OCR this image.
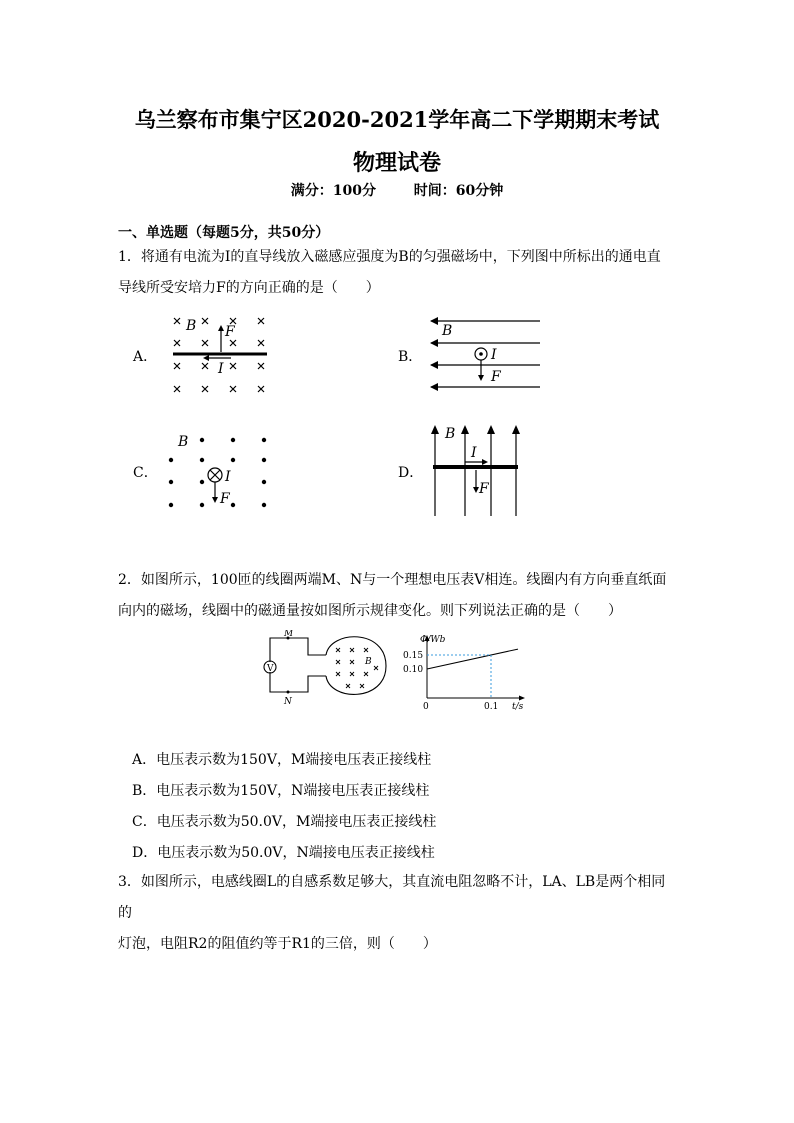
乌兰察布市集宁区2020-2021学年高二下学期期末考试
物理试卷
满分：100分	时间：60分钟
一、单选题（每题5分，共50分）
1．将通有电流为I的直导线放入磁感应强度为B的匀强磁场中，下列图中所标出的通电直
导线所受安培力F的方向正确的是（　　）
A．	B．
C．	D．
B F
I
B
I
F
B
I
F
B
I
F
2．如图所示，100匝的线圈两端M、N与一个理想电压表V相连。线圈内有方向垂直纸面
向内的磁场，线圈中的磁通量按如图所示规律变化。则下列说法正确的是（　　）
V
M
N
B
0.15
0.10
0	0.1 t/s
Φ/Wb
A．电压表示数为150V，M端接电压表正接线柱
B．电压表示数为150V，N端接电压表正接线柱
C．电压表示数为50.0V，M端接电压表正接线柱
D．电压表示数为50.0V，N端接电压表正接线柱
3．如图所示，电感线圈L的自感系数足够大，其直流电阻忽略不计，LA、LB是两个相同的
灯泡，电阻R2的阻值约等于R1的三倍，则（　　）
